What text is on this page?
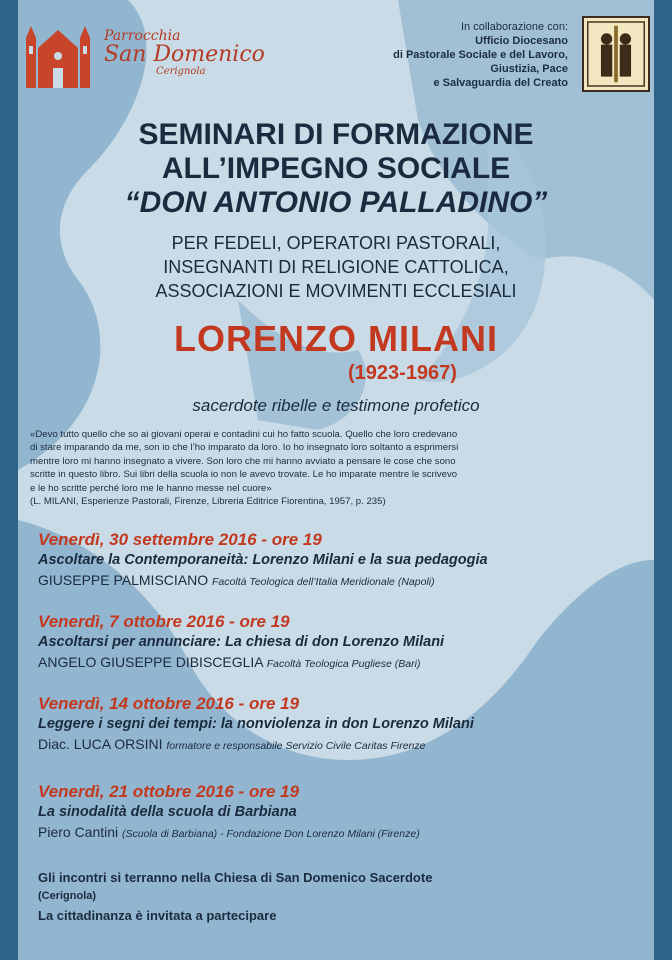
Parrocchia
San Domenico
Cerignola
In collaborazione con:
Ufficio Diocesano
di Pastorale Sociale e del Lavoro,
Giustizia, Pace
e Salvaguardia del Creato
SEMINARI DI FORMAZIONE
ALL’IMPEGNO SOCIALE
“DON ANTONIO PALLADINO”
PER FEDELI, OPERATORI PASTORALI,
INSEGNANTI DI RELIGIONE CATTOLICA,
ASSOCIAZIONI E MOVIMENTI ECCLESIALI
LORENZO MILANI
(1923-1967)
sacerdote ribelle e testimone profetico
«Devo tutto quello che so ai giovani operai e contadini cui ho fatto scuola. Quello che loro credevano
di stare imparando da me, son io che l’ho imparato da loro. Io ho insegnato loro soltanto a esprimersi
mentre loro mi hanno insegnato a vivere. Son loro che mi hanno avviato a pensare le cose che sono
scritte in questo libro. Sui libri della scuola io non le avevo trovate. Le ho imparate mentre le scrivevo
e le ho scritte perché loro me le hanno messe nel cuore»
(L. MILANI, Esperienze Pastorali, Firenze, Libreria Editrice Fiorentina, 1957, p. 235)
Venerdì, 30 settembre 2016 - ore 19
Ascoltare la Contemporaneità: Lorenzo Milani e la sua pedagogia
GIUSEPPE PALMISCIANO Facoltà Teologica dell’Italia Meridionale (Napoli)
Venerdì, 7 ottobre 2016 - ore 19
Ascoltarsi per annunciare: La chiesa di don Lorenzo Milani
ANGELO GIUSEPPE DIBISCEGLIA Facoltà Teologica Pugliese (Bari)
Venerdì, 14 ottobre 2016 - ore 19
Leggere i segni dei tempi: la nonviolenza in don Lorenzo Milani
Diac. LUCA ORSINI formatore e responsabile Servizio Civile Caritas Firenze
Venerdì, 21 ottobre 2016 - ore 19
La sinodalità della scuola di Barbiana
Piero Cantini (Scuola di Barbiana) - Fondazione Don Lorenzo Milani (Firenze)
Gli incontri si terranno nella Chiesa di San Domenico Sacerdote
(Cerignola)
La cittadinanza è invitata a partecipare
